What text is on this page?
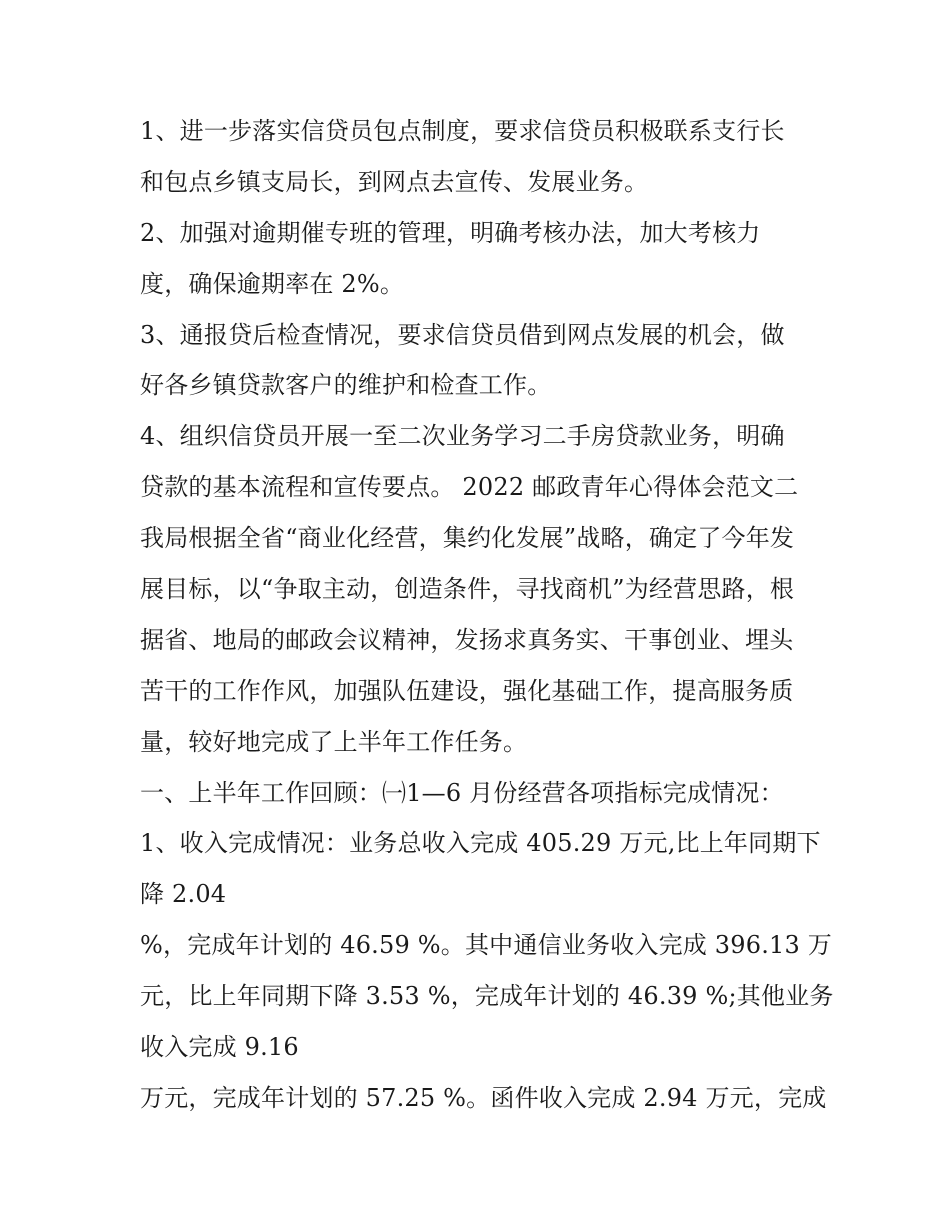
1、进一步落实信贷员包点制度，要求信贷员积极联系支行长
和包点乡镇支局长，到网点去宣传、发展业务。
2、加强对逾期催专班的管理，明确考核办法，加大考核力
度，确保逾期率在 2%。
3、通报贷后检查情况，要求信贷员借到网点发展的机会，做
好各乡镇贷款客户的维护和检查工作。
4、组织信贷员开展一至二次业务学习二手房贷款业务，明确
贷款的基本流程和宣传要点。 2022 邮政青年心得体会范文二
我局根据全省“商业化经营，集约化发展”战略，确定了今年发
展目标，以“争取主动，创造条件，寻找商机”为经营思路，根
据省、地局的邮政会议精神，发扬求真务实、干事创业、埋头
苦干的工作作风，加强队伍建设，强化基础工作，提高服务质
量，较好地完成了上半年工作任务。
一、上半年工作回顾：㈠1—6 月份经营各项指标完成情况：
1、收入完成情况：业务总收入完成 405.29 万元,比上年同期下
降 2.04
%，完成年计划的 46.59 %。其中通信业务收入完成 396.13 万
元，比上年同期下降 3.53 %，完成年计划的 46.39 %;其他业务
收入完成 9.16
万元，完成年计划的 57.25 %。函件收入完成 2.94 万元，完成
